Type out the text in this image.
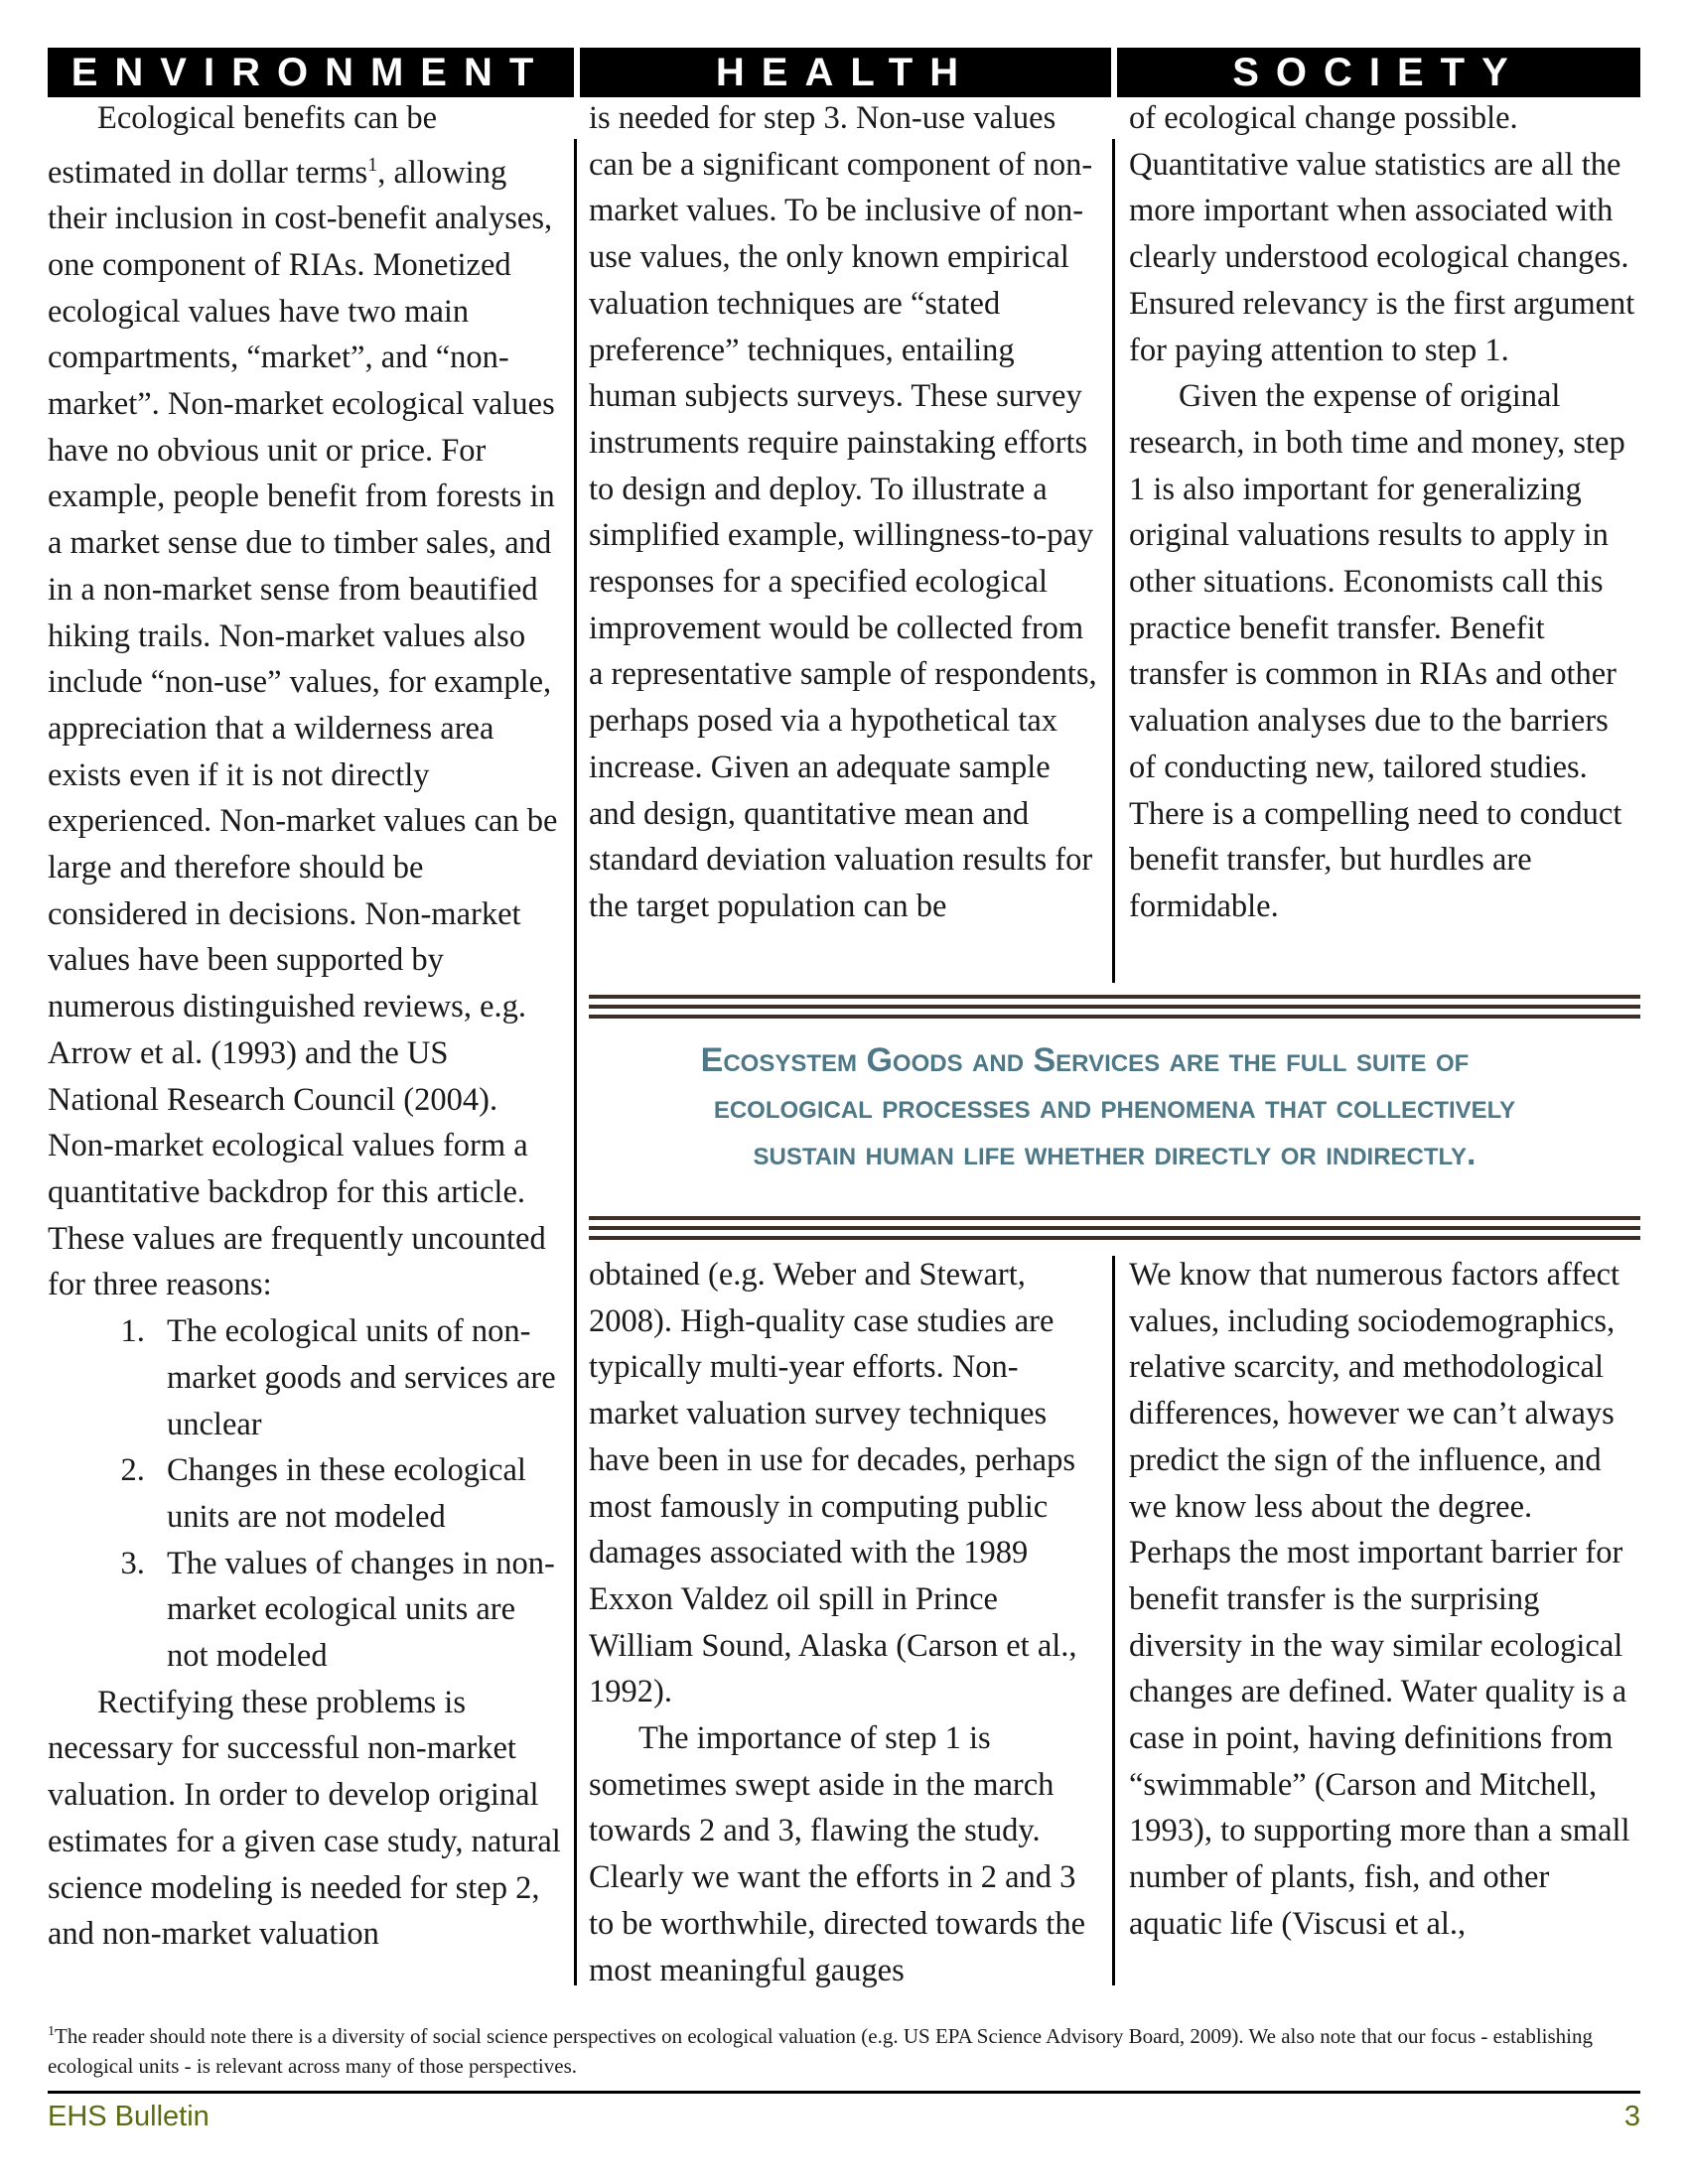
ENVIRONMENT	HEALTH	SOCIETY

Ecological benefits can be estimated in dollar terms$^1$, allowing their inclusion in cost-benefit analyses, one component of RIAs. Monetized ecological values have two main compartments, “market”, and “non-market”. Non-market ecological values have no obvious unit or price. For example, people benefit from forests in a market sense due to timber sales, and in a non-market sense from beautified hiking trails. Non-market values also include “non-use” values, for example, appreciation that a wilderness area exists even if it is not directly experienced. Non-market values can be large and therefore should be considered in decisions. Non-market values have been supported by numerous distinguished reviews, e.g. Arrow et al. (1993) and the US National Research Council (2004). Non-market ecological values form a quantitative backdrop for this article. These values are frequently uncounted for three reasons:

1. The ecological units of non-market goods and services are unclear
2. Changes in these ecological units are not modeled
3. The values of changes in non-market ecological units are not modeled

Rectifying these problems is necessary for successful non-market valuation. In order to develop original estimates for a given case study, natural science modeling is needed for step 2, and non-market valuation

is needed for step 3. Non-use values can be a significant component of non-market values. To be inclusive of non-use values, the only known empirical valuation techniques are “stated preference” techniques, entailing human subjects surveys. These survey instruments require painstaking efforts to design and deploy. To illustrate a simplified example, willingness-to-pay responses for a specified ecological improvement would be collected from a representative sample of respondents, perhaps posed via a hypothetical tax increase. Given an adequate sample and design, quantitative mean and standard deviation valuation results for the target population can be

of ecological change possible. Quantitative value statistics are all the more important when associated with clearly understood ecological changes. Ensured relevancy is the first argument for paying attention to step 1.

Given the expense of original research, in both time and money, step 1 is also important for generalizing original valuations results to apply in other situations. Economists call this practice benefit transfer. Benefit transfer is common in RIAs and other valuation analyses due to the barriers of conducting new, tailored studies. There is a compelling need to conduct benefit transfer, but hurdles are formidable.

Ecosystem Goods and Services are the full suite of
ecological processes and phenomena that collectively
sustain human life whether directly or indirectly.

obtained (e.g. Weber and Stewart, 2008). High-quality case studies are typically multi-year efforts. Non-market valuation survey techniques have been in use for decades, perhaps most famously in computing public damages associated with the 1989 Exxon Valdez oil spill in Prince William Sound, Alaska (Carson et al., 1992).

The importance of step 1 is sometimes swept aside in the march towards 2 and 3, flawing the study. Clearly we want the efforts in 2 and 3 to be worthwhile, directed towards the most meaningful gauges

We know that numerous factors affect values, including sociodemographics, relative scarcity, and methodological differences, however we can’t always predict the sign of the influence, and we know less about the degree. Perhaps the most important barrier for benefit transfer is the surprising diversity in the way similar ecological changes are defined. Water quality is a case in point, having definitions from “swimmable” (Carson and Mitchell, 1993), to supporting more than a small number of plants, fish, and other aquatic life (Viscusi et al.,

$^1$The reader should note there is a diversity of social science perspectives on ecological valuation (e.g. US EPA Science Advisory Board, 2009). We also note that our focus - establishing ecological units - is relevant across many of those perspectives.
EHS Bulletin	3
